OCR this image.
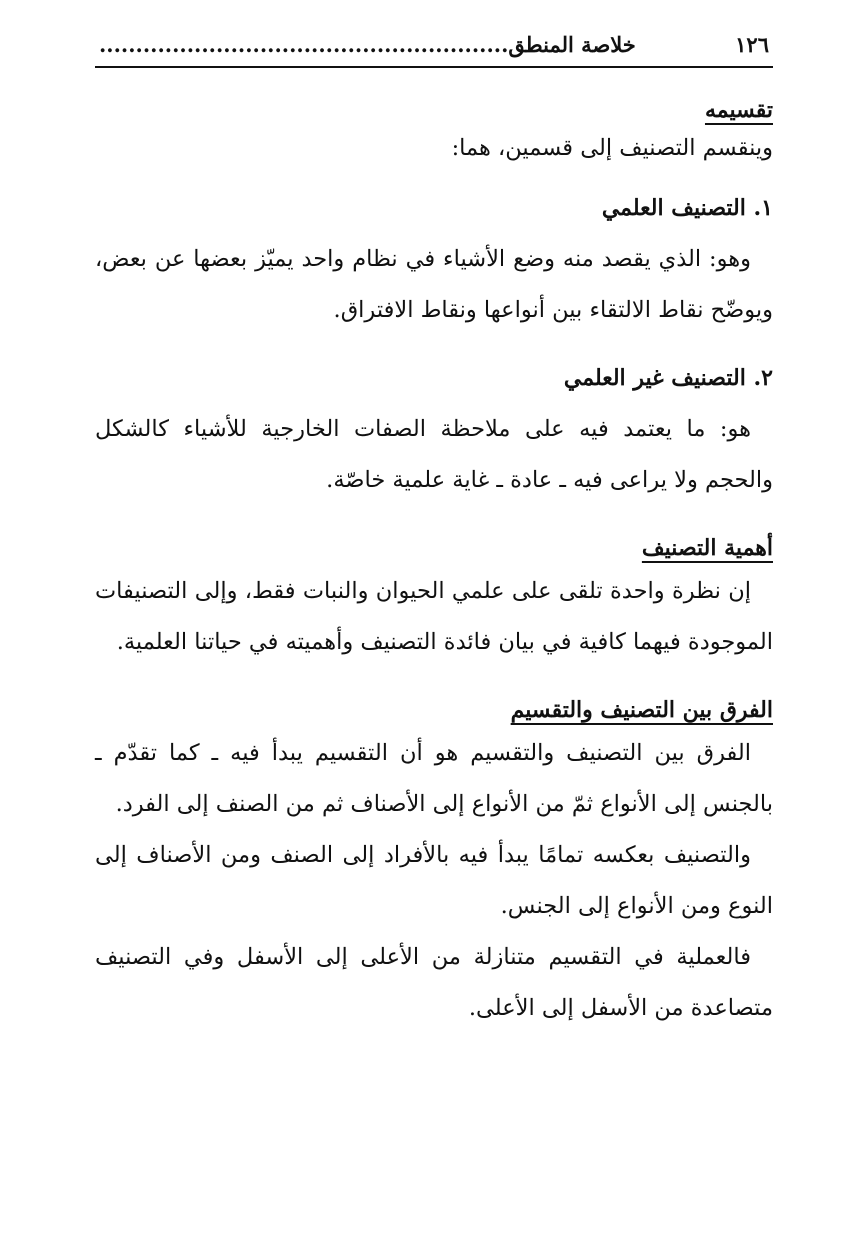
١٢٦
خلاصة المنطق........................................................
تقسيمه

وينقسم التصنيف إلى قسمين، هما:

١. التصنيف العلمي

وهو: الذي يقصد منه وضع الأشياء في نظام واحد يميّز بعضها عن بعض، ويوضّح نقاط الالتقاء بين أنواعها ونقاط الافتراق.

٢. التصنيف غير العلمي

هو: ما يعتمد فيه على ملاحظة الصفات الخارجية للأشياء كالشكل والحجم ولا يراعى فيه ـ عادة ـ غاية علمية خاصّة.

أهمية التصنيف

إن نظرة واحدة تلقى على علمي الحيوان والنبات فقط، وإلى التصنيفات الموجودة فيهما كافية في بيان فائدة التصنيف وأهميته في حياتنا العلمية.

الفرق بين التصنيف والتقسيم

الفرق بين التصنيف والتقسيم هو أن التقسيم يبدأ فيه ـ كما تقدّم ـ بالجنس إلى الأنواع ثمّ من الأنواع إلى الأصناف ثم من الصنف إلى الفرد.

والتصنيف بعكسه تمامًا يبدأ فيه بالأفراد إلى الصنف ومن الأصناف إلى النوع ومن الأنواع إلى الجنس.

فالعملية في التقسيم متنازلة من الأعلى إلى الأسفل وفي التصنيف متصاعدة من الأسفل إلى الأعلى.
